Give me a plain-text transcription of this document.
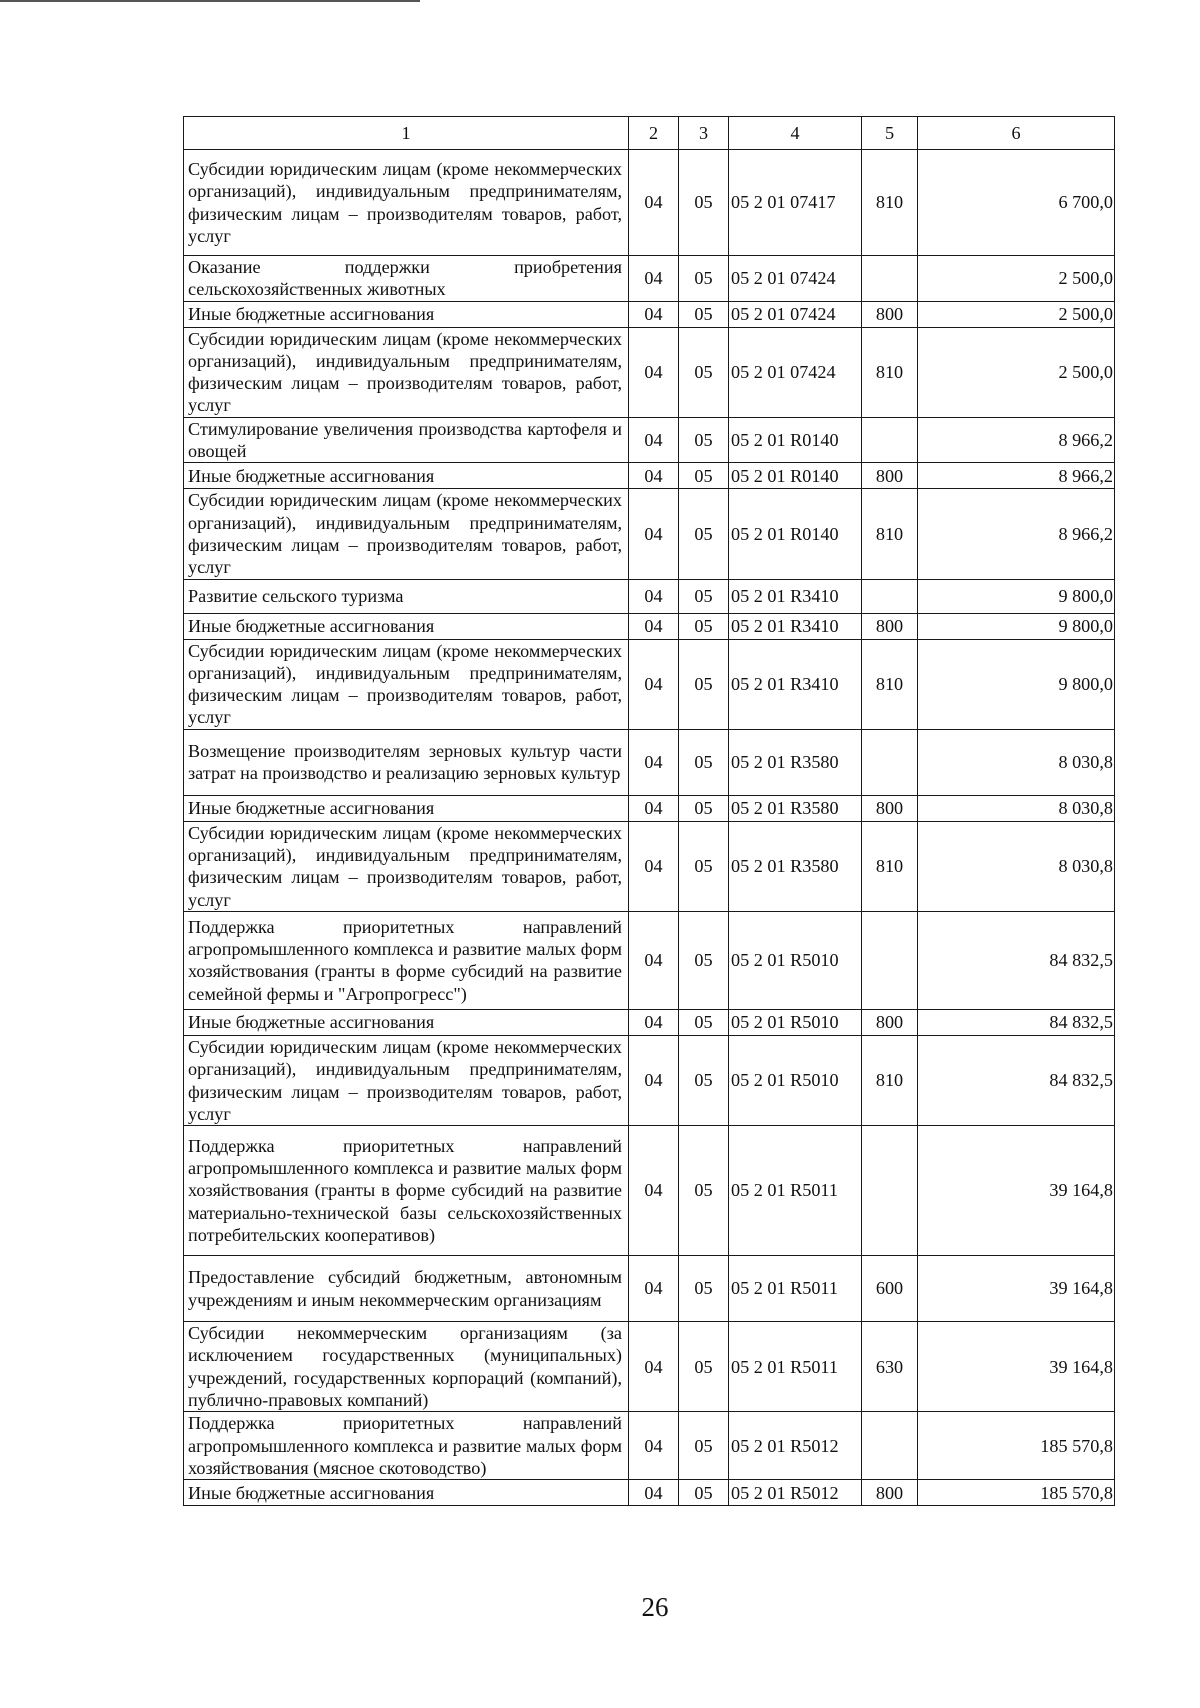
1	2	3	4	5	6
Субсидии юридическим лицам (кроме некоммерческих организаций), индивидуальным предпринимателям, физическим лицам – производителям товаров, работ, услуг	04	05	05 2 01 07417	810	6 700,0
Оказание поддержки приобретения сельскохозяйственных животных	04	05	05 2 01 07424		2 500,0
Иные бюджетные ассигнования	04	05	05 2 01 07424	800	2 500,0
Субсидии юридическим лицам (кроме некоммерческих организаций), индивидуальным предпринимателям, физическим лицам – производителям товаров, работ, услуг	04	05	05 2 01 07424	810	2 500,0
Стимулирование увеличения производства картофеля и овощей	04	05	05 2 01 R0140		8 966,2
Иные бюджетные ассигнования	04	05	05 2 01 R0140	800	8 966,2
Субсидии юридическим лицам (кроме некоммерческих организаций), индивидуальным предпринимателям, физическим лицам – производителям товаров, работ, услуг	04	05	05 2 01 R0140	810	8 966,2
Развитие сельского туризма	04	05	05 2 01 R3410		9 800,0
Иные бюджетные ассигнования	04	05	05 2 01 R3410	800	9 800,0
Субсидии юридическим лицам (кроме некоммерческих организаций), индивидуальным предпринимателям, физическим лицам – производителям товаров, работ, услуг	04	05	05 2 01 R3410	810	9 800,0
Возмещение производителям зерновых культур части затрат на производство и реализацию зерновых культур	04	05	05 2 01 R3580		8 030,8
Иные бюджетные ассигнования	04	05	05 2 01 R3580	800	8 030,8
Субсидии юридическим лицам (кроме некоммерческих организаций), индивидуальным предпринимателям, физическим лицам – производителям товаров, работ, услуг	04	05	05 2 01 R3580	810	8 030,8
Поддержка приоритетных направлений агропромышленного комплекса и развитие малых форм хозяйствования (гранты в форме субсидий на развитие семейной фермы и "Агропрогресс")	04	05	05 2 01 R5010		84 832,5
Иные бюджетные ассигнования	04	05	05 2 01 R5010	800	84 832,5
Субсидии юридическим лицам (кроме некоммерческих организаций), индивидуальным предпринимателям, физическим лицам – производителям товаров, работ, услуг	04	05	05 2 01 R5010	810	84 832,5
Поддержка приоритетных направлений агропромышленного комплекса и развитие малых форм хозяйствования (гранты в форме субсидий на развитие материально-технической базы сельскохозяйственных потребительских кооперативов)	04	05	05 2 01 R5011		39 164,8
Предоставление субсидий бюджетным, автономным учреждениям и иным некоммерческим организациям	04	05	05 2 01 R5011	600	39 164,8
Субсидии некоммерческим организациям (за исключением государственных (муниципальных) учреждений, государственных корпораций (компаний), публично-правовых компаний)	04	05	05 2 01 R5011	630	39 164,8
Поддержка приоритетных направлений агропромышленного комплекса и развитие малых форм хозяйствования (мясное скотоводство)	04	05	05 2 01 R5012		185 570,8
Иные бюджетные ассигнования	04	05	05 2 01 R5012	800	185 570,8
26
